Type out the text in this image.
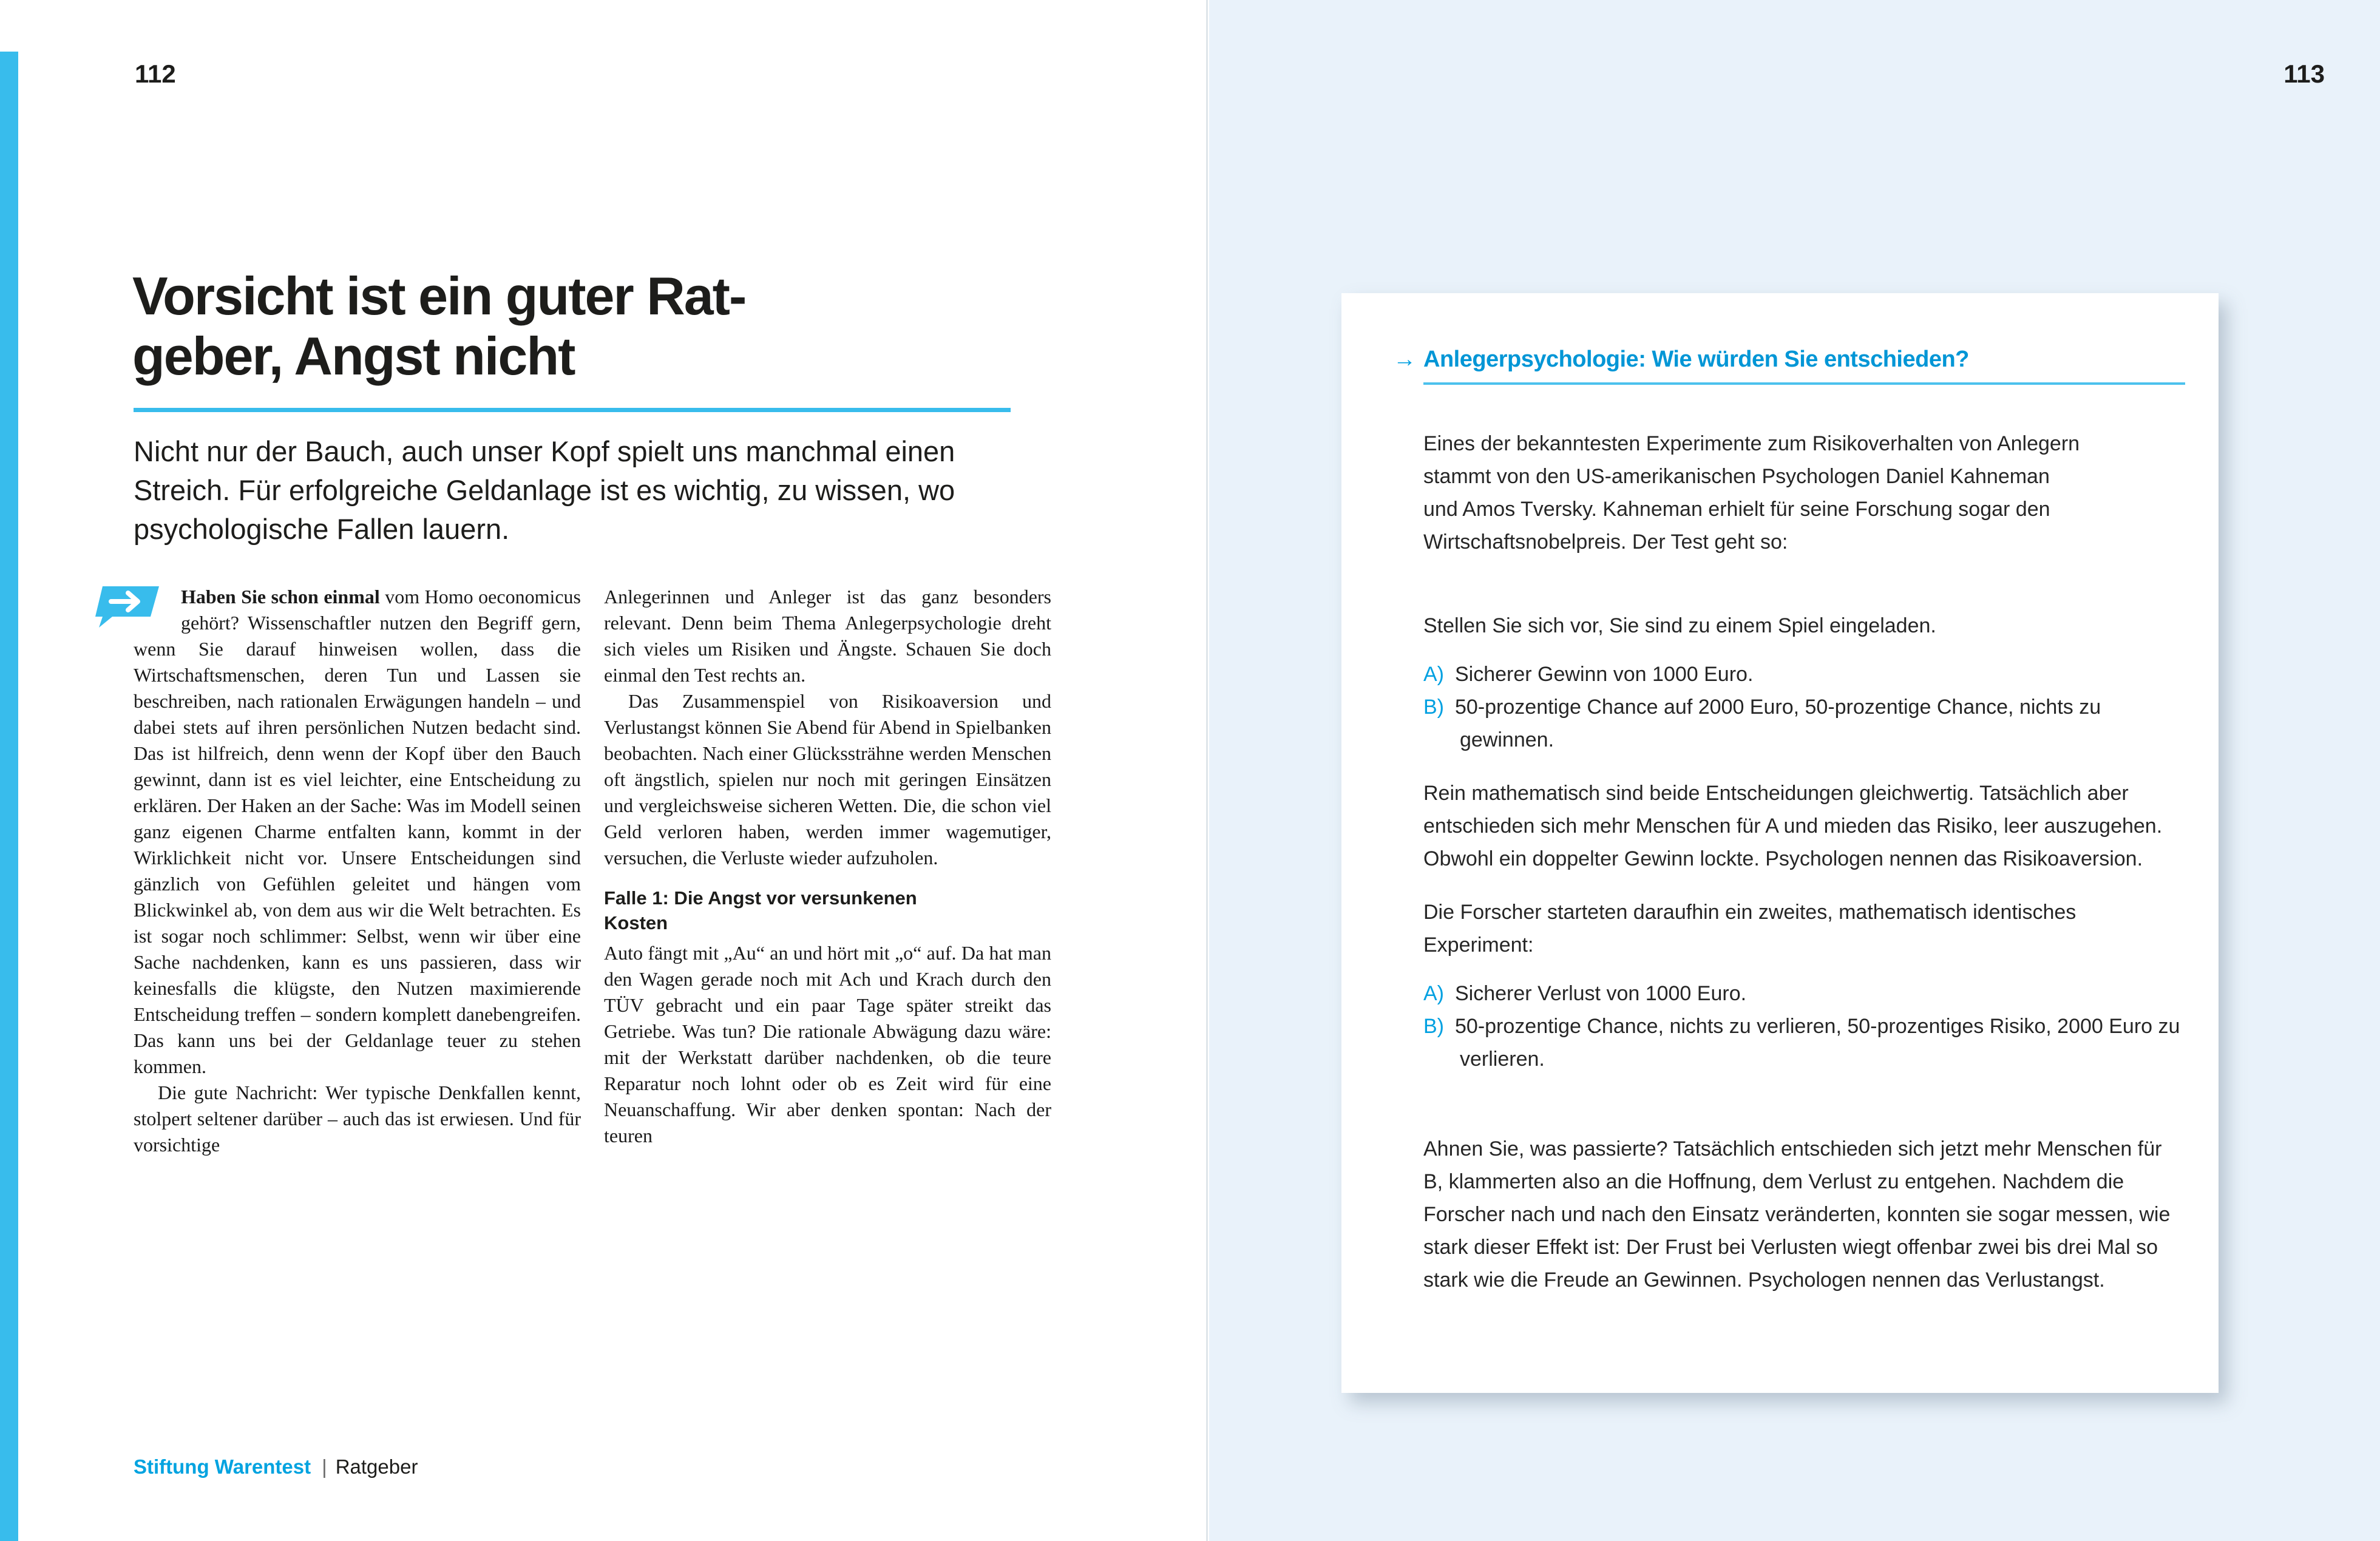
112
Vorsicht ist ein guter Rat-
geber, Angst nicht

Nicht nur der Bauch, auch unser Kopf spielt uns manchmal einen Streich. Für erfolgreiche Geldanlage ist es wichtig, zu wissen, wo psychologische Fallen lauern.

Haben Sie schon einmal vom Homo oeconomicus gehört? Wissenschaftler nutzen den Begriff gern, wenn Sie darauf hinweisen wollen, dass die Wirtschaftsmenschen, deren Tun und Lassen sie beschreiben, nach rationalen Erwägungen handeln – und dabei stets auf ihren persönlichen Nutzen bedacht sind. Das ist hilfreich, denn wenn der Kopf über den Bauch gewinnt, dann ist es viel leichter, eine Entscheidung zu erklären. Der Haken an der Sache: Was im Modell seinen ganz eigenen Charme entfalten kann, kommt in der Wirklichkeit nicht vor. Unsere Entscheidungen sind gänzlich von Gefühlen geleitet und hängen vom Blickwinkel ab, von dem aus wir die Welt betrachten. Es ist sogar noch schlimmer: Selbst, wenn wir über eine Sache nachdenken, kann es uns passieren, dass wir keinesfalls die klügste, den Nutzen maximierende Entscheidung treffen – sondern komplett danebengreifen. Das kann uns bei der Geldanlage teuer zu stehen kommen.

Die gute Nachricht: Wer typische Denkfallen kennt, stolpert seltener darüber – auch das ist erwiesen. Und für vorsichtige

Anlegerinnen und Anleger ist das ganz besonders relevant. Denn beim Thema Anlegerpsychologie dreht sich vieles um Risiken und Ängste. Schauen Sie doch einmal den Test rechts an.

Das Zusammenspiel von Risikoaversion und Verlustangst können Sie Abend für Abend in Spielbanken beobachten. Nach einer Glückssträhne werden Menschen oft ängstlich, spielen nur noch mit geringen Einsätzen und vergleichsweise sicheren Wetten. Die, die schon viel Geld verloren haben, werden immer wagemutiger, versuchen, die Verluste wieder aufzuholen.

Falle 1: Die Angst vor versunkenen
Kosten

Auto fängt mit „Au“ an und hört mit „o“ auf. Da hat man den Wagen gerade noch mit Ach und Krach durch den TÜV gebracht und ein paar Tage später streikt das Getriebe. Was tun? Die rationale Abwägung dazu wäre: mit der Werkstatt darüber nachdenken, ob die teure Reparatur noch lohnt oder ob es Zeit wird für eine Neuanschaffung. Wir aber denken spontan: Nach der teuren

Stiftung Warentest | Ratgeber
113
→ Anlegerpsychologie: Wie würden Sie entschieden?

Eines der bekanntesten Experimente zum Risikoverhalten von Anlegern stammt von den US-amerikanischen Psychologen Daniel Kahneman und Amos Tversky. Kahneman erhielt für seine Forschung sogar den Wirtschaftsnobelpreis. Der Test geht so:

Stellen Sie sich vor, Sie sind zu einem Spiel eingeladen.

A) Sicherer Gewinn von 1000 Euro.

B) 50-prozentige Chance auf 2000 Euro, 50-prozentige Chance, nichts zu gewinnen.

Rein mathematisch sind beide Entscheidungen gleichwertig. Tatsächlich aber entschieden sich mehr Menschen für A und mieden das Risiko, leer auszugehen. Obwohl ein doppelter Gewinn lockte. Psychologen nennen das Risikoaversion.

Die Forscher starteten daraufhin ein zweites, mathematisch identisches Experiment:

A) Sicherer Verlust von 1000 Euro.

B) 50-prozentige Chance, nichts zu verlieren, 50-prozentiges Risiko, 2000 Euro zu verlieren.

Ahnen Sie, was passierte? Tatsächlich entschieden sich jetzt mehr Menschen für B, klammerten also an die Hoffnung, dem Verlust zu entgehen. Nachdem die Forscher nach und nach den Einsatz veränderten, konnten sie sogar messen, wie stark dieser Effekt ist: Der Frust bei Verlusten wiegt offenbar zwei bis drei Mal so stark wie die Freude an Gewinnen. Psychologen nennen das Verlustangst.
